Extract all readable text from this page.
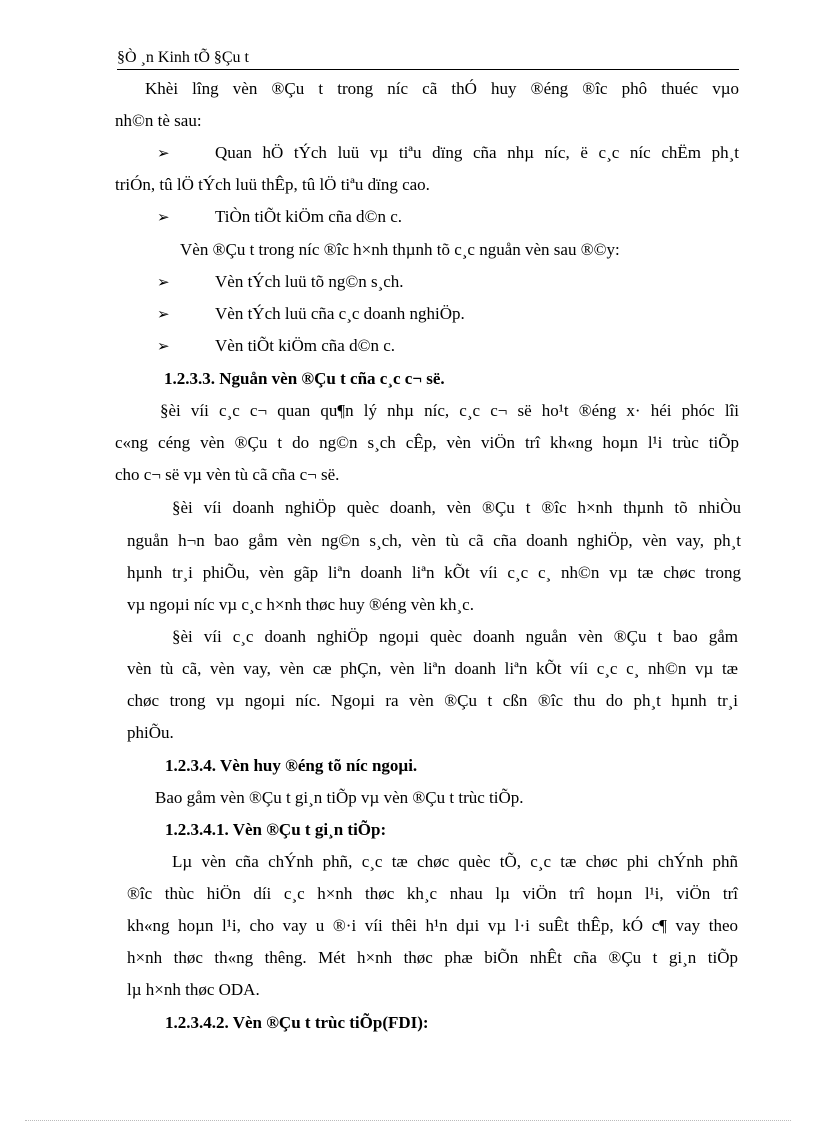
§Ò ¸n Kinh tÕ §Çu t
Khèi lîng vèn ®Çu t trong níc cã thÓ huy ®éng ®îc phô thuéc vµo
nh©n tè sau:
➢	Quan hÖ tÝch luü vµ tiªu dïng cña nhµ níc, ë c¸c níc chËm ph¸t
triÓn, tû lÖ tÝch luü thÊp, tû lÖ tiªu dïng cao.
➢	TiÒn tiÕt kiÖm cña d©n c.
Vèn ®Çu t trong níc ®îc h×nh thµnh tõ c¸c nguån vèn sau ®©y:
➢	Vèn tÝch luü tõ ng©n s¸ch.
➢	Vèn tÝch luü cña c¸c doanh nghiÖp.
➢	Vèn tiÕt kiÖm cña d©n c.
1.2.3.3. Nguån vèn ®Çu t cña c¸c c¬ së.
§èi víi c¸c c¬ quan qu¶n lý nhµ níc, c¸c c¬ së ho¹t ®éng x· héi phóc lîi
c«ng céng vèn ®Çu t do ng©n s¸ch cÊp, vèn viÖn trî kh«ng hoµn l¹i trùc tiÕp
cho c¬ së vµ vèn tù cã cña c¬ së.
§èi víi doanh nghiÖp quèc doanh, vèn ®Çu t ®îc h×nh thµnh tõ nhiÒu
nguån h¬n bao gåm vèn ng©n s¸ch, vèn tù cã cña doanh nghiÖp, vèn vay, ph¸t
hµnh tr¸i phiÕu, vèn gãp liªn doanh liªn kÕt víi c¸c c¸ nh©n vµ tæ chøc trong
vµ ngoµi níc vµ c¸c h×nh thøc huy ®éng vèn kh¸c.
§èi víi c¸c doanh nghiÖp ngoµi quèc doanh nguån vèn ®Çu t bao gåm
vèn tù cã, vèn vay, vèn cæ phÇn, vèn liªn doanh liªn kÕt víi c¸c c¸ nh©n vµ tæ
chøc trong vµ ngoµi níc. Ngoµi ra vèn ®Çu t cßn ®îc thu do ph¸t hµnh tr¸i
phiÕu.
1.2.3.4. Vèn huy ®éng tõ níc ngoµi.
Bao gåm vèn ®Çu t gi¸n tiÕp vµ vèn ®Çu t trùc tiÕp.
1.2.3.4.1. Vèn ®Çu t gi¸n tiÕp:
Lµ vèn cña chÝnh phñ, c¸c tæ chøc quèc tÕ, c¸c tæ chøc phi chÝnh phñ
®îc thùc hiÖn díi c¸c h×nh thøc kh¸c nhau lµ viÖn trî hoµn l¹i, viÖn trî
kh«ng hoµn l¹i, cho vay u ®·i víi thêi h¹n dµi vµ l·i suÊt thÊp, kÓ c¶ vay theo
h×nh thøc th«ng thêng. Mét h×nh thøc phæ biÕn nhÊt cña ®Çu t gi¸n tiÕp
lµ h×nh thøc ODA.
1.2.3.4.2. Vèn ®Çu t trùc tiÕp(FDI):
